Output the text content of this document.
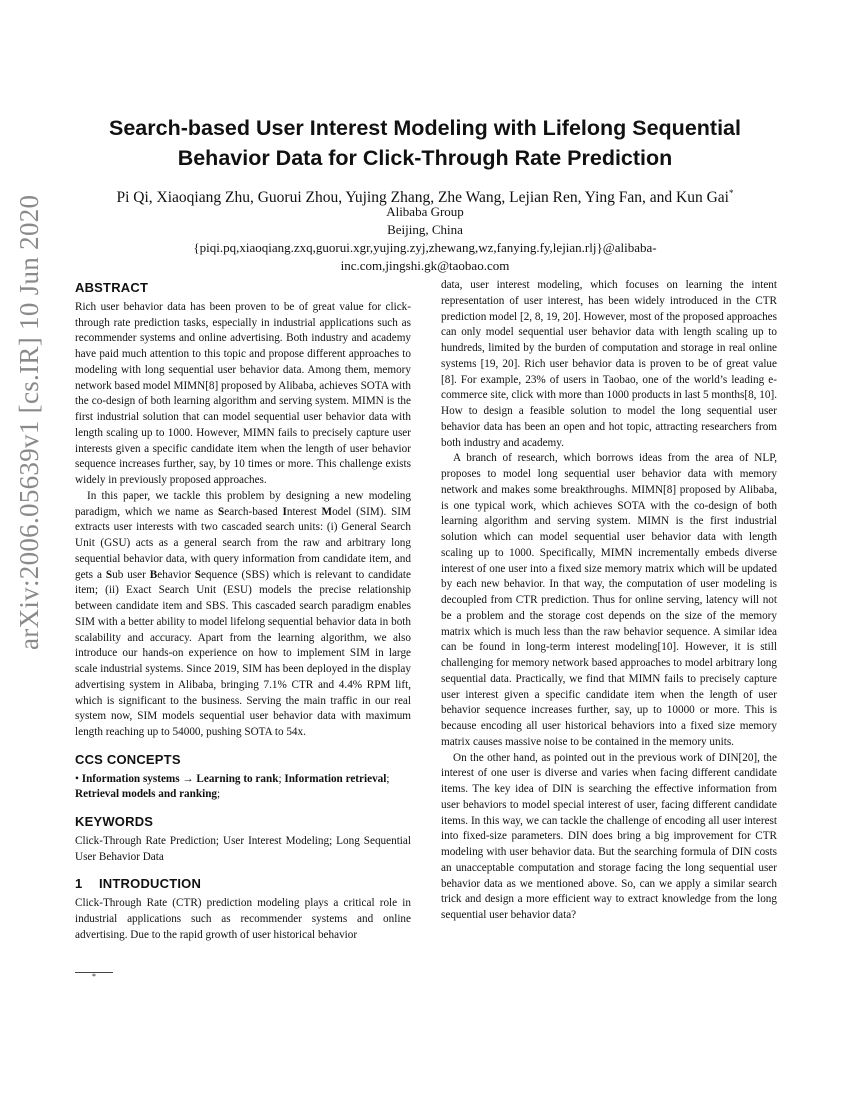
arXiv:2006.05639v1 [cs.IR] 10 Jun 2020
Search-based User Interest Modeling with Lifelong Sequential
Behavior Data for Click-Through Rate Prediction
Pi Qi, Xiaoqiang Zhu, Guorui Zhou, Yujing Zhang, Zhe Wang, Lejian Ren, Ying Fan, and Kun Gai*
Alibaba Group
Beijing, China
{piqi.pq,xiaoqiang.zxq,guorui.xgr,yujing.zyj,zhewang,wz,fanying.fy,lejian.rlj}@alibaba-
inc.com,jingshi.gk@taobao.com
ABSTRACT

Rich user behavior data has been proven to be of great value for click-through rate prediction tasks, especially in industrial applications such as recommender systems and online advertising. Both industry and academy have paid much attention to this topic and propose different approaches to modeling with long sequential user behavior data. Among them, memory network based model MIMN[8] proposed by Alibaba, achieves SOTA with the co-design of both learning algorithm and serving system. MIMN is the first industrial solution that can model sequential user behavior data with length scaling up to 1000. However, MIMN fails to precisely capture user interests given a specific candidate item when the length of user behavior sequence increases further, say, by 10 times or more. This challenge exists widely in previously proposed approaches.

In this paper, we tackle this problem by designing a new modeling paradigm, which we name as Search-based Interest Model (SIM). SIM extracts user interests with two cascaded search units: (i) General Search Unit (GSU) acts as a general search from the raw and arbitrary long sequential behavior data, with query information from candidate item, and gets a Sub user Behavior Sequence (SBS) which is relevant to candidate item; (ii) Exact Search Unit (ESU) models the precise relationship between candidate item and SBS. This cascaded search paradigm enables SIM with a better ability to model lifelong sequential behavior data in both scalability and accuracy. Apart from the learning algorithm, we also introduce our hands-on experience on how to implement SIM in large scale industrial systems. Since 2019, SIM has been deployed in the display advertising system in Alibaba, bringing 7.1% CTR and 4.4% RPM lift, which is significant to the business. Serving the main traffic in our real system now, SIM models sequential user behavior data with maximum length reaching up to 54000, pushing SOTA to 54x.

CCS CONCEPTS

• Information systems → Learning to rank; Information retrieval; Retrieval models and ranking;

KEYWORDS

Click-Through Rate Prediction; User Interest Modeling; Long Sequential User Behavior Data

1 INTRODUCTION

Click-Through Rate (CTR) prediction modeling plays a critical role in industrial applications such as recommender systems and online advertising. Due to the rapid growth of user historical behavior

*

data, user interest modeling, which focuses on learning the intent representation of user interest, has been widely introduced in the CTR prediction model [2, 8, 19, 20]. However, most of the proposed approaches can only model sequential user behavior data with length scaling up to hundreds, limited by the burden of computation and storage in real online systems [19, 20]. Rich user behavior data is proven to be of great value [8]. For example, 23% of users in Taobao, one of the world’s leading e-commerce site, click with more than 1000 products in last 5 months[8, 10]. How to design a feasible solution to model the long sequential user behavior data has been an open and hot topic, attracting researchers from both industry and academy.

A branch of research, which borrows ideas from the area of NLP, proposes to model long sequential user behavior data with memory network and makes some breakthroughs. MIMN[8] proposed by Alibaba, is one typical work, which achieves SOTA with the co-design of both learning algorithm and serving system. MIMN is the first industrial solution which can model sequential user behavior data with length scaling up to 1000. Specifically, MIMN incrementally embeds diverse interest of one user into a fixed size memory matrix which will be updated by each new behavior. In that way, the computation of user modeling is decoupled from CTR prediction. Thus for online serving, latency will not be a problem and the storage cost depends on the size of the memory matrix which is much less than the raw behavior sequence. A similar idea can be found in long-term interest modeling[10]. However, it is still challenging for memory network based approaches to model arbitrary long sequential data. Practically, we find that MIMN fails to precisely capture user interest given a specific candidate item when the length of user behavior sequence increases further, say, up to 10000 or more. This is because encoding all user historical behaviors into a fixed size memory matrix causes massive noise to be contained in the memory units.

On the other hand, as pointed out in the previous work of DIN[20], the interest of one user is diverse and varies when facing different candidate items. The key idea of DIN is searching the effective information from user behaviors to model special interest of user, facing different candidate items. In this way, we can tackle the challenge of encoding all user interest into fixed-size parameters. DIN does bring a big improvement for CTR modeling with user behavior data. But the searching formula of DIN costs an unacceptable computation and storage facing the long sequential user behavior data as we mentioned above. So, can we apply a similar search trick and design a more efficient way to extract knowledge from the long sequential user behavior data?
